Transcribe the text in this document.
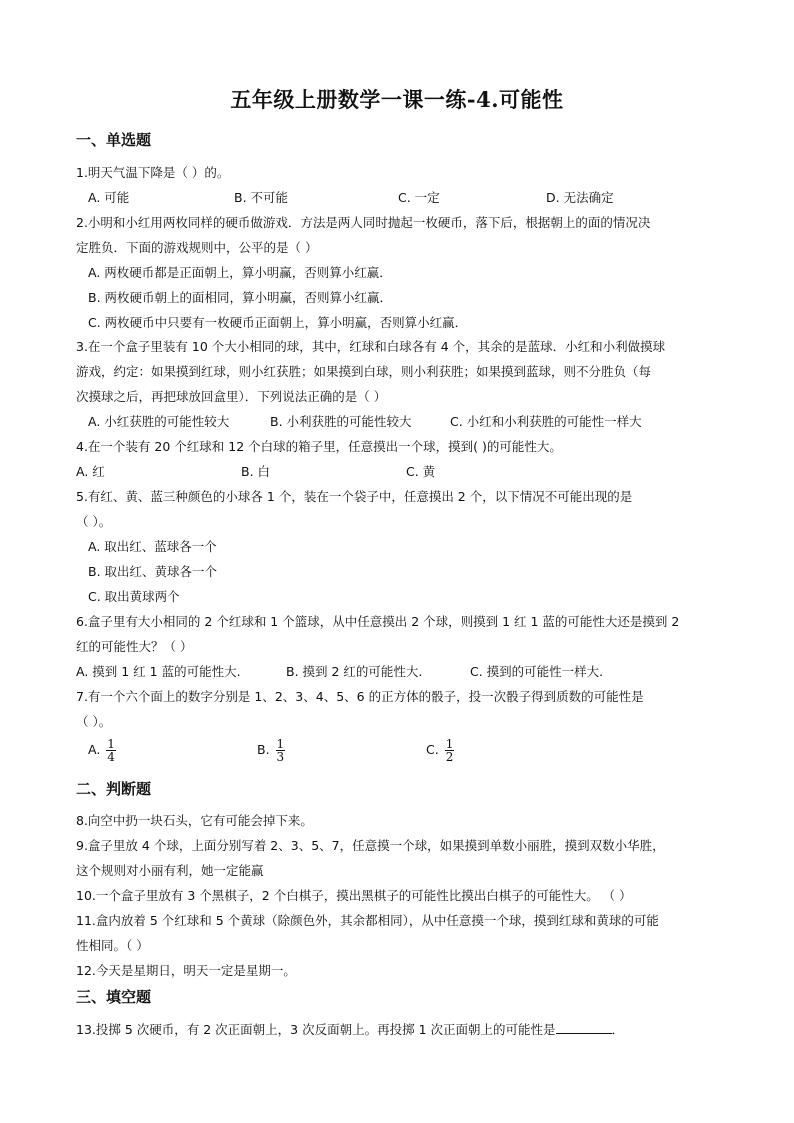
五年级上册数学一课一练-4.可能性
一、单选题
1.明天气温下降是（ ）的。
A. 可能	B. 不可能	C. 一定	D. 无法确定
2.小明和小红用两枚同样的硬币做游戏．方法是两人同时抛起一枚硬币，落下后，根据朝上的面的情况决
定胜负．下面的游戏规则中，公平的是（ ）
A. 两枚硬币都是正面朝上，算小明赢，否则算小红赢．
B. 两枚硬币朝上的面相同，算小明赢，否则算小红赢．
C. 两枚硬币中只要有一枚硬币正面朝上，算小明赢，否则算小红赢．
3.在一个盒子里装有 10 个大小相同的球，其中，红球和白球各有 4 个，其余的是蓝球．小红和小利做摸球
游戏，约定：如果摸到红球，则小红获胜；如果摸到白球，则小利获胜；如果摸到蓝球，则不分胜负（每
次摸球之后，再把球放回盒里）．下列说法正确的是（ ）
A. 小红获胜的可能性较大	B. 小利获胜的可能性较大	C. 小红和小利获胜的可能性一样大
4.在一个装有 20 个红球和 12 个白球的箱子里，任意摸出一个球，摸到( )的可能性大。
A. 红	B. 白	C. 黄
5.有红、黄、蓝三种颜色的小球各 1 个，装在一个袋子中，任意摸出 2 个，以下情况不可能出现的是
（ ）。
A. 取出红、蓝球各一个
B. 取出红、黄球各一个
C. 取出黄球两个
6.盒子里有大小相同的 2 个红球和 1 个篮球，从中任意摸出 2 个球，则摸到 1 红 1 蓝的可能性大还是摸到 2
红的可能性大？（ ）
A. 摸到 1 红 1 蓝的可能性大.	B. 摸到 2 红的可能性大.	C. 摸到的可能性一样大.
7.有一个六个面上的数字分别是 1、2、3、4、5、6 的正方体的骰子，投一次骰子得到质数的可能性是
（ ）。
A. $\frac{1}{4}$	B. $\frac{1}{3}$	C. $\frac{1}{2}$
二、判断题
8.向空中扔一块石头，它有可能会掉下来。
9.盒子里放 4 个球，上面分别写着 2、3、5、7，任意摸一个球，如果摸到单数小丽胜，摸到双数小华胜，
这个规则对小丽有利，她一定能赢
10.一个盒子里放有 3 个黑棋子，2 个白棋子，摸出黑棋子的可能性比摸出白棋子的可能性大。 （ ）
11.盒内放着 5 个红球和 5 个黄球（除颜色外，其余都相同），从中任意摸一个球，摸到红球和黄球的可能
性相同。（ ）
12.今天是星期日，明天一定是星期一。
三、填空题
13.投掷 5 次硬币，有 2 次正面朝上，3 次反面朝上。再投掷 1 次正面朝上的可能性是	．
